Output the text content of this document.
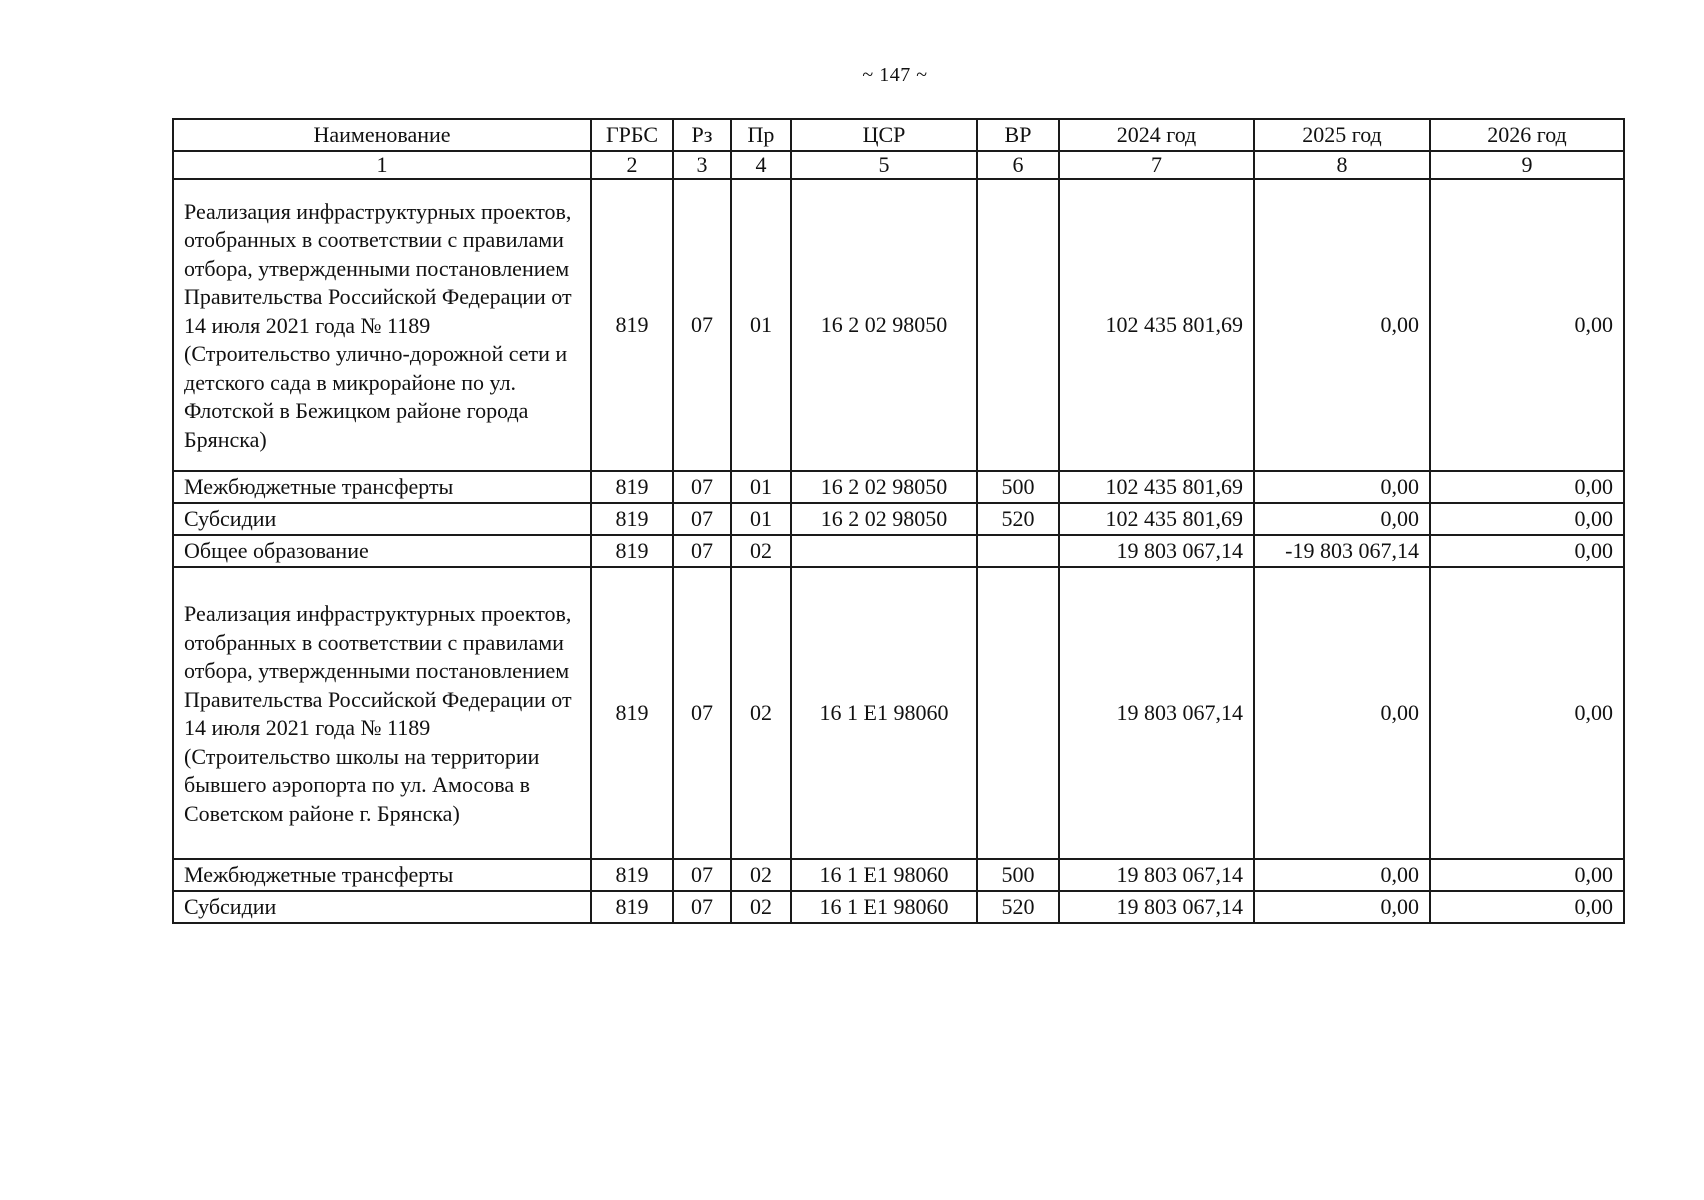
~ 147 ~
Наименование	ГРБС	Рз	Пр	ЦСР	ВР	2024 год	2025 год	2026 год
1	2	3	4	5	6	7	8	9
Реализация инфраструктурных проектов, отобранных в соответствии с правилами отбора, утвержденными постановлением Правительства Российской Федерации от 14 июля 2021 года № 1189 (Строительство улично-дорожной сети и детского сада в микрорайоне по ул. Флотской в Бежицком районе города Брянска)	819	07	01	16 2 02 98050		102 435 801,69	0,00	0,00
Межбюджетные трансферты	819	07	01	16 2 02 98050	500	102 435 801,69	0,00	0,00
Субсидии	819	07	01	16 2 02 98050	520	102 435 801,69	0,00	0,00
Общее образование	819	07	02			19 803 067,14	-19 803 067,14	0,00
Реализация инфраструктурных проектов, отобранных в соответствии с правилами отбора, утвержденными постановлением Правительства Российской Федерации от 14 июля 2021 года № 1189 (Строительство школы на территории бывшего аэропорта по ул. Амосова в Советском районе г. Брянска)	819	07	02	16 1 E1 98060		19 803 067,14	0,00	0,00
Межбюджетные трансферты	819	07	02	16 1 E1 98060	500	19 803 067,14	0,00	0,00
Субсидии	819	07	02	16 1 E1 98060	520	19 803 067,14	0,00	0,00
